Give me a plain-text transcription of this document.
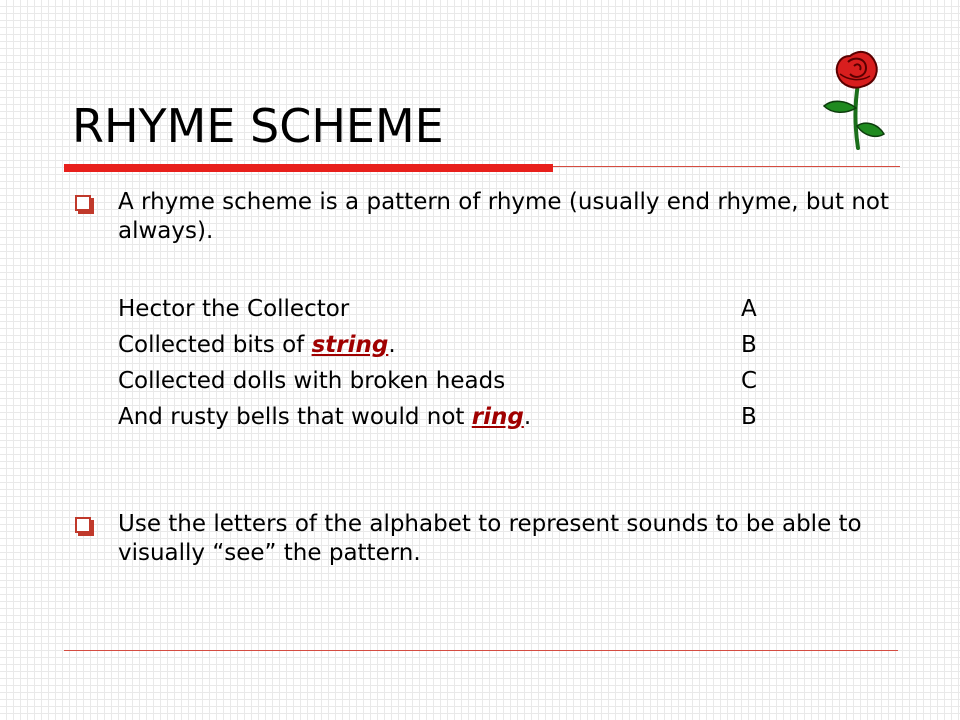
RHYME SCHEME
A rhyme scheme is a pattern of rhyme (usually end rhyme, but not always).
Hector the Collector	A
Collected bits of string.	B
Collected dolls with broken heads	C
And rusty bells that would not ring.	B
Use the letters of the alphabet to represent sounds to be able to visually “see” the pattern.
